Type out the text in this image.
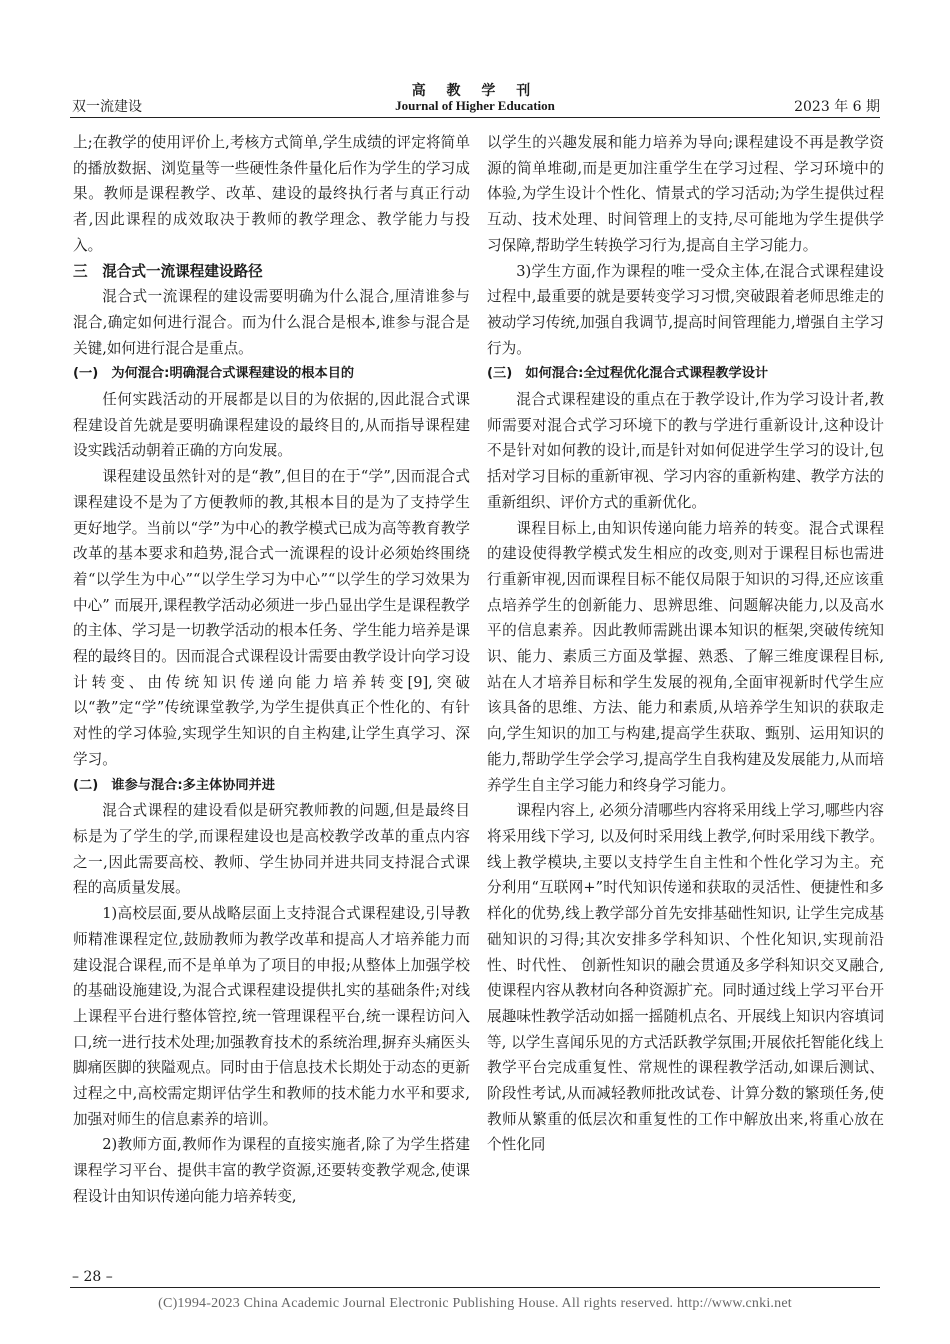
高 教 学 刊
Journal of Higher Education
双一流建设	2023 年 6 期

上;在教学的使用评价上,考核方式简单,学生成绩的评定将简单的播放数据、浏览量等一些硬性条件量化后作为学生的学习成果。教师是课程教学、改革、建设的最终执行者与真正行动者,因此课程的成效取决于教师的教学理念、教学能力与投入。

三　混合式一流课程建设路径

混合式一流课程的建设需要明确为什么混合,厘清谁参与混合,确定如何进行混合。而为什么混合是根本,谁参与混合是关键,如何进行混合是重点。

(一)　为何混合:明确混合式课程建设的根本目的

任何实践活动的开展都是以目的为依据的,因此混合式课程建设首先就是要明确课程建设的最终目的,从而指导课程建设实践活动朝着正确的方向发展。

课程建设虽然针对的是“教”,但目的在于“学”,因而混合式课程建设不是为了方便教师的教,其根本目的是为了支持学生更好地学。当前以“学”为中心的教学模式已成为高等教育教学改革的基本要求和趋势,混合式一流课程的设计必须始终围绕着“以学生为中心”“以学生学习为中心”“以学生的学习效果为中心” 而展开,课程教学活动必须进一步凸显出学生是课程教学的主体、学习是一切教学活动的根本任务、学生能力培养是课程的最终目的。因而混合式课程设计需要由教学设计向学习设计转变、由传统知识传递向能力培养转变[9],突破以“教”定“学”传统课堂教学,为学生提供真正个性化的、有针对性的学习体验,实现学生知识的自主构建,让学生真学习、深学习。

(二)　谁参与混合:多主体协同并进

混合式课程的建设看似是研究教师教的问题,但是最终目标是为了学生的学,而课程建设也是高校教学改革的重点内容之一,因此需要高校、教师、学生协同并进共同支持混合式课程的高质量发展。

1)高校层面,要从战略层面上支持混合式课程建设,引导教师精准课程定位,鼓励教师为教学改革和提高人才培养能力而建设混合课程,而不是单单为了项目的申报;从整体上加强学校的基础设施建设,为混合式课程建设提供扎实的基础条件;对线上课程平台进行整体管控,统一管理课程平台,统一课程访问入口,统一进行技术处理;加强教育技术的系统治理,摒弃头痛医头脚痛医脚的狭隘观点。同时由于信息技术长期处于动态的更新过程之中,高校需定期评估学生和教师的技术能力水平和要求,加强对师生的信息素养的培训。

2)教师方面,教师作为课程的直接实施者,除了为学生搭建课程学习平台、提供丰富的教学资源,还要转变教学观念,使课程设计由知识传递向能力培养转变,

以学生的兴趣发展和能力培养为导向;课程建设不再是教学资源的简单堆砌,而是更加注重学生在学习过程、学习环境中的体验,为学生设计个性化、情景式的学习活动;为学生提供过程互动、技术处理、时间管理上的支持,尽可能地为学生提供学习保障,帮助学生转换学习行为,提高自主学习能力。

3)学生方面,作为课程的唯一受众主体,在混合式课程建设过程中,最重要的就是要转变学习习惯,突破跟着老师思维走的被动学习传统,加强自我调节,提高时间管理能力,增强自主学习行为。

(三)　如何混合:全过程优化混合式课程教学设计

混合式课程建设的重点在于教学设计,作为学习设计者,教师需要对混合式学习环境下的教与学进行重新设计,这种设计不是针对如何教的设计,而是针对如何促进学生学习的设计,包括对学习目标的重新审视、学习内容的重新构建、教学方法的重新组织、评价方式的重新优化。

课程目标上,由知识传递向能力培养的转变。混合式课程的建设使得教学模式发生相应的改变,则对于课程目标也需进行重新审视,因而课程目标不能仅局限于知识的习得,还应该重点培养学生的创新能力、思辨思维、问题解决能力,以及高水平的信息素养。因此教师需跳出课本知识的框架,突破传统知识、能力、素质三方面及掌握、熟悉、了解三维度课程目标,站在人才培养目标和学生发展的视角,全面审视新时代学生应该具备的思维、方法、能力和素质,从培养学生知识的获取走向,学生知识的加工与构建,提高学生获取、甄别、运用知识的能力,帮助学生学会学习,提高学生自我构建及发展能力,从而培养学生自主学习能力和终身学习能力。

课程内容上, 必须分清哪些内容将采用线上学习,哪些内容将采用线下学习, 以及何时采用线上教学,何时采用线下教学。线上教学模块,主要以支持学生自主性和个性化学习为主。充分利用“互联网+”时代知识传递和获取的灵活性、便捷性和多样化的优势,线上教学部分首先安排基础性知识, 让学生完成基础知识的习得;其次安排多学科知识、个性化知识,实现前沿性、时代性、 创新性知识的融会贯通及多学科知识交叉融合,使课程内容从教材向各种资源扩充。同时通过线上学习平台开展趣味性教学活动如摇一摇随机点名、开展线上知识内容填词等, 以学生喜闻乐见的方式活跃教学氛围;开展依托智能化线上教学平台完成重复性、常规性的课程教学活动,如课后测试、阶段性考试,从而减轻教师批改试卷、计算分数的繁琐任务,使教师从繁重的低层次和重复性的工作中解放出来,将重心放在个性化同

– 28 –
(C)1994-2023 China Academic Journal Electronic Publishing House. All rights reserved. http://www.cnki.net
